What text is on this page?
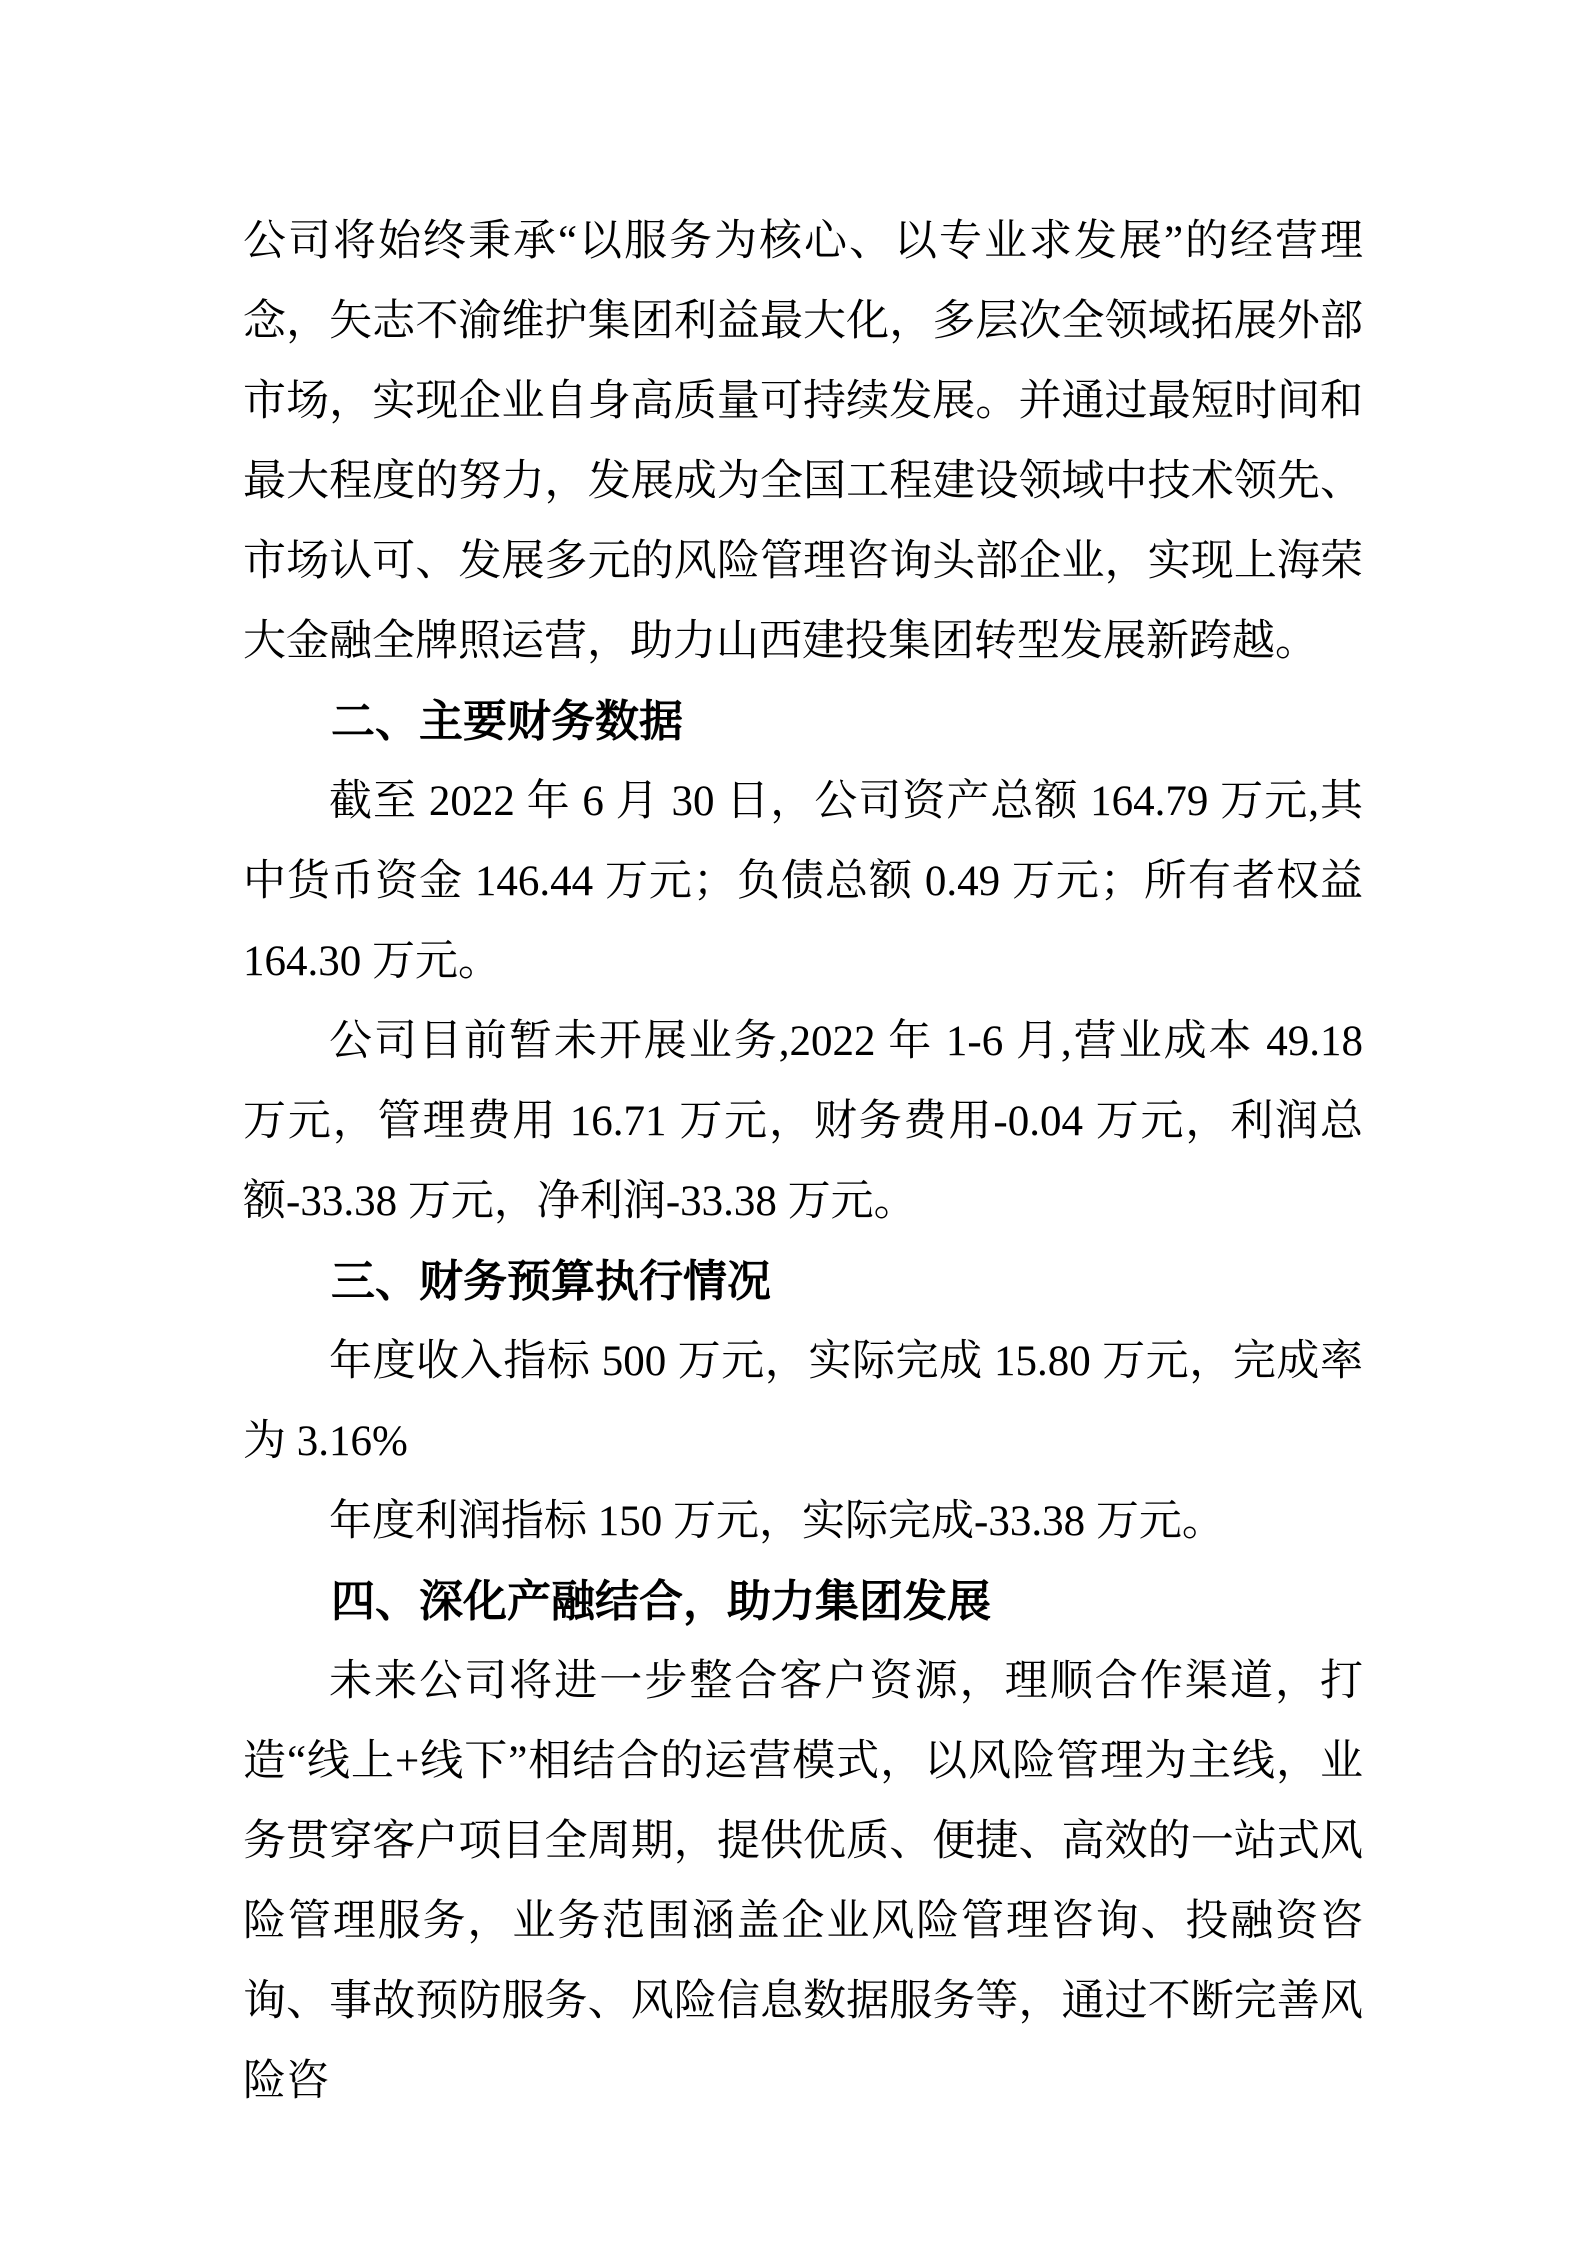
公司将始终秉承“以服务为核心、以专业求发展”的经营理念，矢志不渝维护集团利益最大化，多层次全领域拓展外部市场，实现企业自身高质量可持续发展。并通过最短时间和最大程度的努力，发展成为全国工程建设领域中技术领先、市场认可、发展多元的风险管理咨询头部企业，实现上海荣大金融全牌照运营，助力山西建投集团转型发展新跨越。

二、主要财务数据

截至 2022 年 6 月 30 日，公司资产总额 164.79 万元,其中货币资金 146.44 万元；负债总额 0.49 万元；所有者权益 164.30 万元。

公司目前暂未开展业务,2022 年 1-6 月,营业成本 49.18 万元，管理费用 16.71 万元，财务费用-0.04 万元，利润总额-33.38 万元，净利润-33.38 万元。

三、财务预算执行情况

年度收入指标 500 万元，实际完成 15.80 万元，完成率为 3.16%

年度利润指标 150 万元，实际完成-33.38 万元。

四、深化产融结合，助力集团发展

未来公司将进一步整合客户资源，理顺合作渠道，打造“线上+线下”相结合的运营模式，以风险管理为主线，业务贯穿客户项目全周期，提供优质、便捷、高效的一站式风险管理服务，业务范围涵盖企业风险管理咨询、投融资咨询、事故预防服务、风险信息数据服务等，通过不断完善风险咨
